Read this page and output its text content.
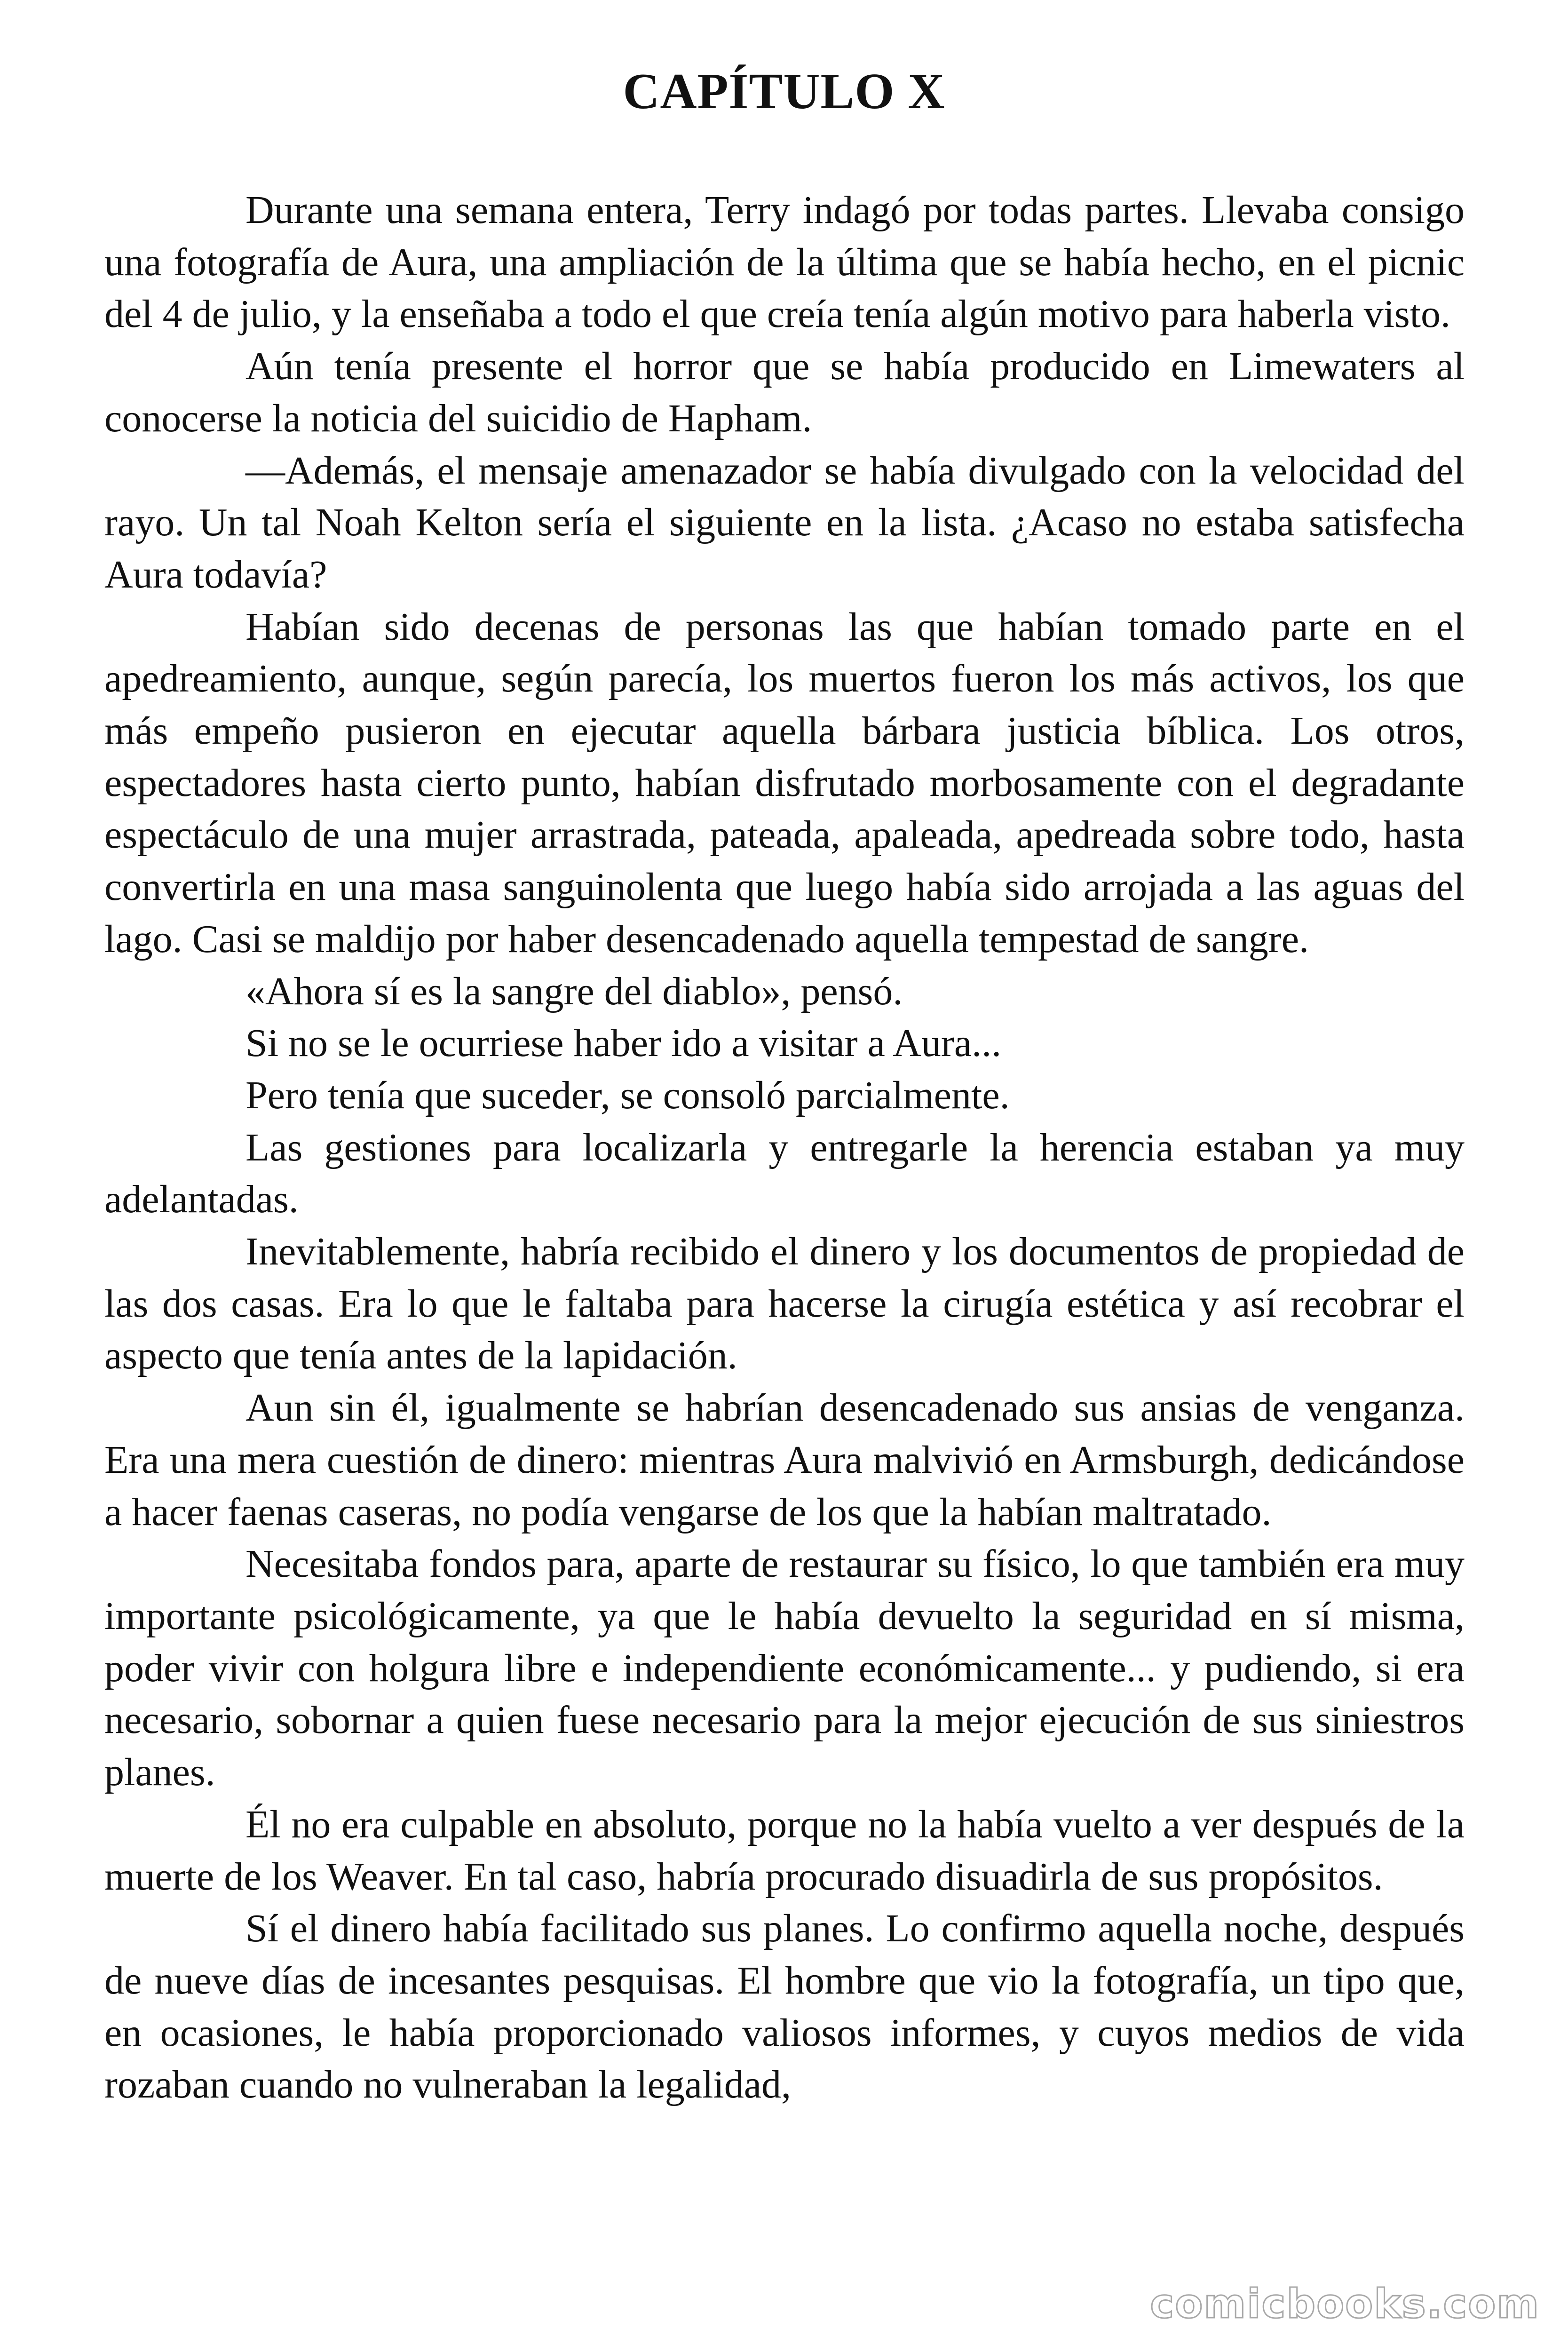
CAPÍTULO X

Durante una semana entera, Terry indagó por todas partes. Llevaba consigo una fotografía de Aura, una ampliación de la última que se había hecho, en el picnic del 4 de julio, y la enseñaba a todo el que creía tenía algún motivo para haberla visto.

Aún tenía presente el horror que se había producido en Limewaters al conocerse la noticia del suicidio de Hapham.

—Además, el mensaje amenazador se había divulgado con la velocidad del rayo. Un tal Noah Kelton sería el siguiente en la lista. ¿Acaso no estaba satisfecha Aura todavía?

Habían sido decenas de personas las que habían tomado parte en el apedreamiento, aunque, según parecía, los muertos fueron los más activos, los que más empeño pusieron en ejecutar aquella bárbara justicia bíblica. Los otros, espectadores hasta cierto punto, habían disfrutado morbosamente con el degradante espectáculo de una mujer arrastrada, pateada, apaleada, apedreada sobre todo, hasta convertirla en una masa sanguinolenta que luego había sido arrojada a las aguas del lago. Casi se maldijo por haber desencadenado aquella tempestad de sangre.

«Ahora sí es la sangre del diablo», pensó.

Si no se le ocurriese haber ido a visitar a Aura...

Pero tenía que suceder, se consoló parcialmente.

Las gestiones para localizarla y entregarle la herencia estaban ya muy adelantadas.

Inevitablemente, habría recibido el dinero y los documentos de propiedad de las dos casas. Era lo que le faltaba para hacerse la cirugía estética y así recobrar el aspecto que tenía antes de la lapidación.

Aun sin él, igualmente se habrían desencadenado sus ansias de venganza. Era una mera cuestión de dinero: mientras Aura malvivió en Armsburgh, dedicándose a hacer faenas caseras, no podía vengarse de los que la habían maltratado.

Necesitaba fondos para, aparte de restaurar su físico, lo que también era muy importante psicológicamente, ya que le había devuelto la seguridad en sí misma, poder vivir con holgura libre e independiente económicamente... y pudiendo, si era necesario, sobornar a quien fuese necesario para la mejor ejecución de sus siniestros planes.

Él no era culpable en absoluto, porque no la había vuelto a ver después de la muerte de los Weaver. En tal caso, habría procurado disuadirla de sus propósitos.

Sí el dinero había facilitado sus planes. Lo confirmo aquella noche, después de nueve días de incesantes pesquisas. El hombre que vio la fotografía, un tipo que, en ocasiones, le había proporcionado valiosos informes, y cuyos medios de vida rozaban cuando no vulneraban la legalidad,

comicbooks.com
